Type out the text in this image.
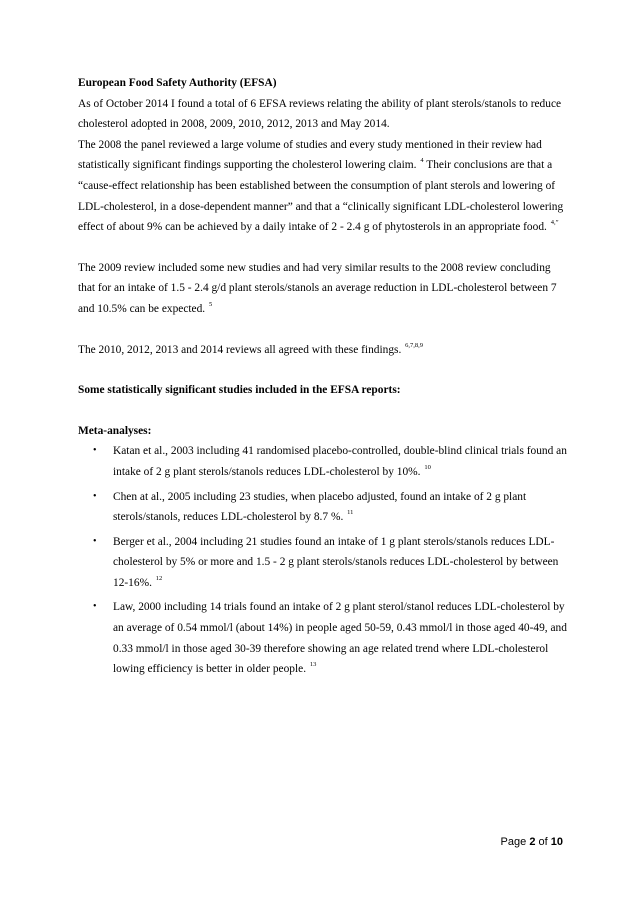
European Food Safety Authority (EFSA)

As of October 2014 I found a total of 6 EFSA reviews relating the ability of plant sterols/stanols to reduce cholesterol adopted in 2008, 2009, 2010, 2012, 2013 and May 2014.

The 2008 the panel reviewed a large volume of studies and every study mentioned in their review had statistically significant findings supporting the cholesterol lowering claim. $^4$ Their conclusions are that a “cause-effect relationship has been established between the consumption of plant sterols and lowering of LDL-cholesterol, in a dose-dependent manner” and that a “clinically significant LDL-cholesterol lowering effect of about 9% can be achieved by a daily intake of 2 - 2.4 g of phytosterols in an appropriate food. $^{4,”}$

The 2009 review included some new studies and had very similar results to the 2008 review concluding that for an intake of 1.5 - 2.4 g/d plant sterols/stanols an average reduction in LDL-cholesterol between 7 and 10.5% can be expected. $^5$

The 2010, 2012, 2013 and 2014 reviews all agreed with these findings. $^{6,7,8,9}$

Some statistically significant studies included in the EFSA reports:

Meta-analyses:

• Katan et al., 2003 including 41 randomised placebo-controlled, double-blind clinical trials found an intake of 2 g plant sterols/stanols reduces LDL-cholesterol by 10%. $^{10}$
• Chen at al., 2005 including 23 studies, when placebo adjusted, found an intake of 2 g plant sterols/stanols, reduces LDL-cholesterol by 8.7 %. $^{11}$
• Berger et al., 2004 including 21 studies found an intake of 1 g plant sterols/stanols reduces LDL-cholesterol by 5% or more and 1.5 - 2 g plant sterols/stanols reduces LDL-cholesterol by between 12-16%. $^{12}$
• Law, 2000 including 14 trials found an intake of 2 g plant sterol/stanol reduces LDL-cholesterol by an average of 0.54 mmol/l (about 14%) in people aged 50-59, 0.43 mmol/l in those aged 40-49, and 0.33 mmol/l in those aged 30-39 therefore showing an age related trend where LDL-cholesterol lowing efficiency is better in older people. $^{13}$
Page 2 of 10
